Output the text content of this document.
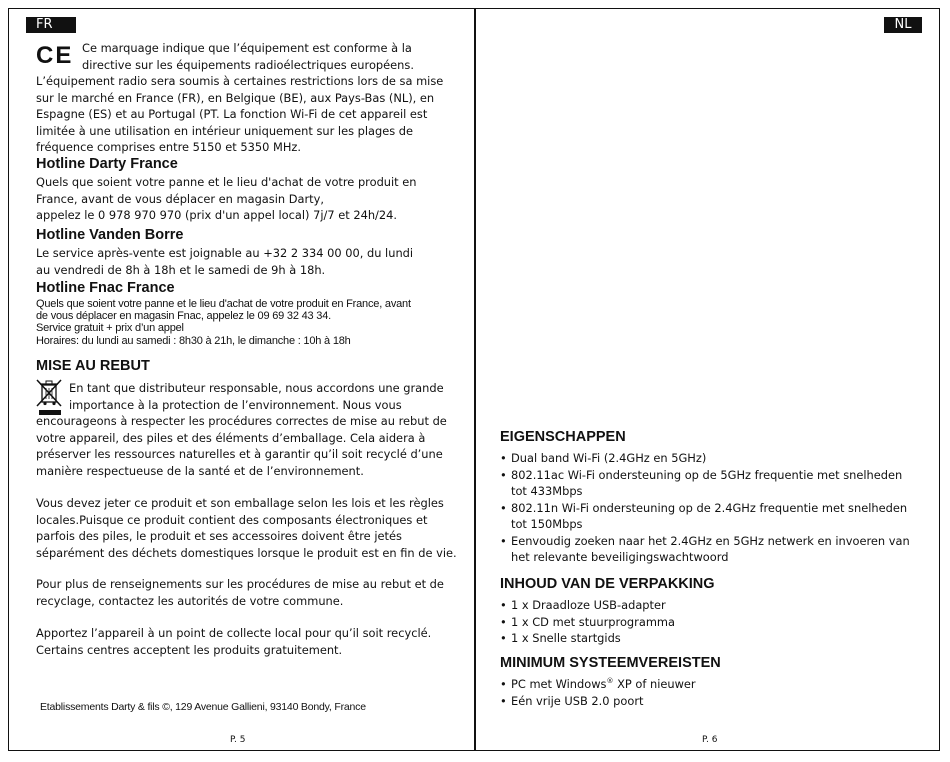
FR
CE Ce marquage indique que l’équipement est conforme à la

directive sur les équipements radioélectriques européens.

L’équipement radio sera soumis à certaines restrictions lors de sa mise sur le marché en France (FR), en Belgique (BE), aux Pays-Bas (NL), en Espagne (ES) et au Portugal (PT. La fonction Wi-Fi de cet appareil est limitée à une utilisation en intérieur uniquement sur les plages de fréquence comprises entre 5150 et 5350 MHz.
Hotline Darty France

Quels que soient votre panne et le lieu d'achat de votre produit en

France, avant de vous déplacer en magasin Darty,

appelez le 0 978 970 970 (prix d'un appel local) 7j/7 et 24h/24.

Hotline Vanden Borre

Le service après-vente est joignable au +32 2 334 00 00, du lundi

au vendredi de 8h à 18h et le samedi de 9h à 18h.

Hotline Fnac France

Quels que soient votre panne et le lieu d'achat de votre produit en France, avant

de vous déplacer en magasin Fnac, appelez le 09 69 32 43 34.

Service gratuit + prix d’un appel

Horaires: du lundi au samedi : 8h30 à 21h, le dimanche : 10h à 18h

MISE AU REBUT

En tant que distributeur responsable, nous accordons une grande

importance à la protection de l’environnement. Nous vous

encourageons à respecter les procédures correctes de mise au rebut de votre appareil, des piles et des éléments d’emballage. Cela aidera à préserver les ressources naturelles et à garantir qu’il soit recyclé d’une manière respectueuse de la santé et de l’environnement.
Vous devez jeter ce produit et son emballage selon les lois et les règles locales.Puisque ce produit contient des composants électroniques et parfois des piles, le produit et ses accessoires doivent être jetés séparément des déchets domestiques lorsque le produit est en fin de vie.
Pour plus de renseignements sur les procédures de mise au rebut et de recyclage, contactez les autorités de votre commune.
Apportez l’appareil à un point de collecte local pour qu’il soit recyclé. Certains centres acceptent les produits gratuitement.
Etablissements Darty & fils ©, 129 Avenue Gallieni, 93140 Bondy, France
P. 5
NL
EIGENSCHAPPEN
• Dual band Wi-Fi (2.4GHz en 5GHz)
• 802.11ac Wi-Fi ondersteuning op de 5GHz frequentie met snelheden tot 433Mbps
• 802.11n Wi-Fi ondersteuning op de 2.4GHz frequentie met snelheden tot 150Mbps
• Eenvoudig zoeken naar het 2.4GHz en 5GHz netwerk en invoeren van het relevante beveiligingswachtwoord
INHOUD VAN DE VERPAKKING
• 1 x Draadloze USB-adapter
• 1 x CD met stuurprogramma
• 1 x Snelle startgids
MINIMUM SYSTEEMVEREISTEN
• PC met Windows® XP of nieuwer
• Eén vrije USB 2.0 poort
P. 6
